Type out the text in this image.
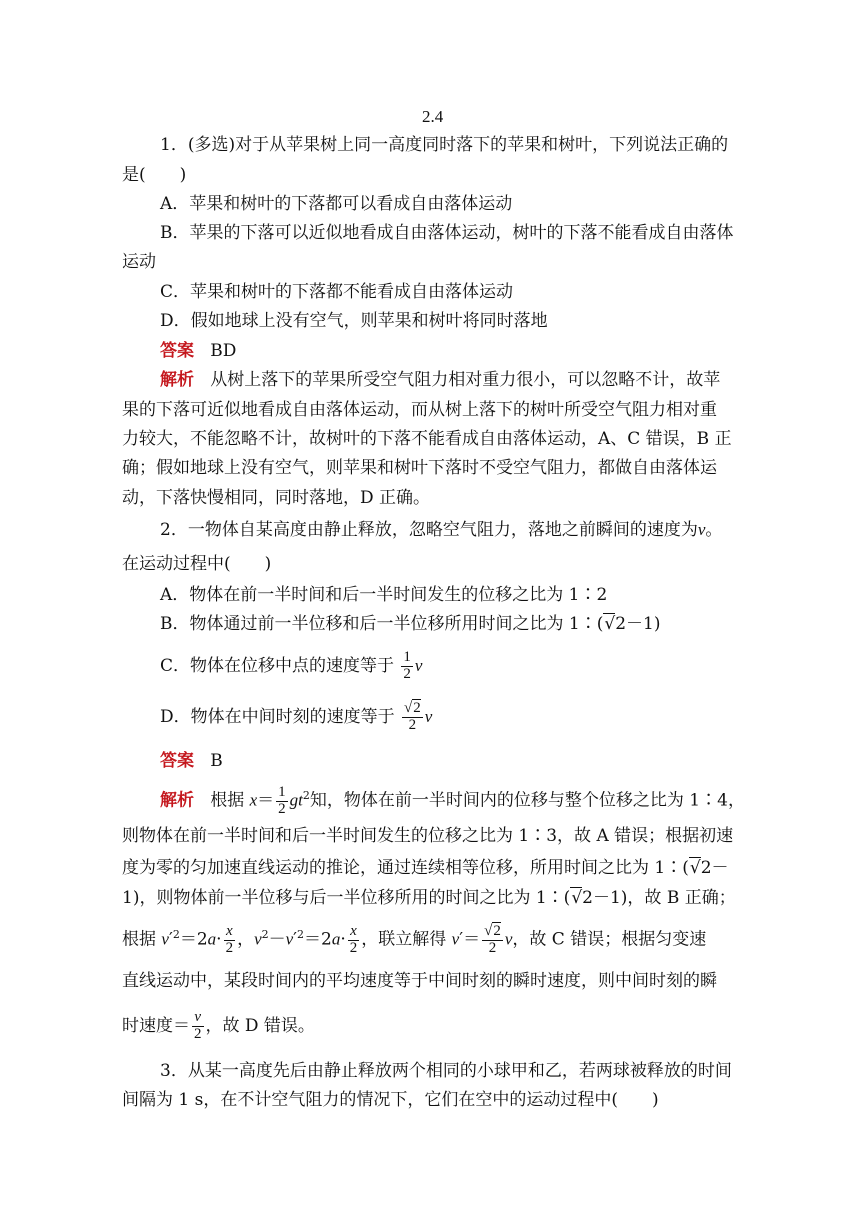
2.4
1．(多选)对于从苹果树上同一高度同时落下的苹果和树叶，下列说法正确的
是(　　)
A．苹果和树叶的下落都可以看成自由落体运动
B．苹果的下落可以近似地看成自由落体运动，树叶的下落不能看成自由落体
运动
C．苹果和树叶的下落都不能看成自由落体运动
D．假如地球上没有空气，则苹果和树叶将同时落地
答案 BD
解析 从树上落下的苹果所受空气阻力相对重力很小，可以忽略不计，故苹
果的下落可近似地看成自由落体运动，而从树上落下的树叶所受空气阻力相对重
力较大，不能忽略不计，故树叶的下落不能看成自由落体运动，A、C 错误，B 正
确；假如地球上没有空气，则苹果和树叶下落时不受空气阻力，都做自由落体运
动，下落快慢相同，同时落地，D 正确。
2．一物体自某高度由静止释放，忽略空气阻力，落地之前瞬间的速度为v。
在运动过程中(　　)
A．物体在前一半时间和后一半时间发生的位移之比为 1∶2
B．物体通过前一半位移和后一半位移所用时间之比为 1∶(√2－1)
C．物体在位移中点的速度等于 $\frac{1}{2}$ v
D．物体在中间时刻的速度等于 $\frac{√2}{2}$ v
答案 B
解析 根据 $x= \frac{1}{2} gt^2$知，物体在前一半时间内的位移与整个位移之比为 1∶4，
则物体在前一半时间和后一半时间发生的位移之比为 1∶3，故 A 错误；根据初速
度为零的匀加速直线运动的推论，通过连续相等位移，所用时间之比为 1∶(√2－
1)，则物体前一半位移与后一半位移所用的时间之比为 1∶(√2－1)，故 B 正确；
根据 $v'^2=2a\cdot \frac{x}{2}$ ，$v^2-v'^2=2a\cdot \frac{x}{2}$ ，联立解得 $v'= \frac{√2}{2}$ v，故 C 错误；根据匀变速
直线运动中，某段时间内的平均速度等于中间时刻的瞬时速度，则中间时刻的瞬
时速度＝ $\frac{v}{2}$ ，故 D 错误。
3．从某一高度先后由静止释放两个相同的小球甲和乙，若两球被释放的时间
间隔为 1 s，在不计空气阻力的情况下，它们在空中的运动过程中(　　)
